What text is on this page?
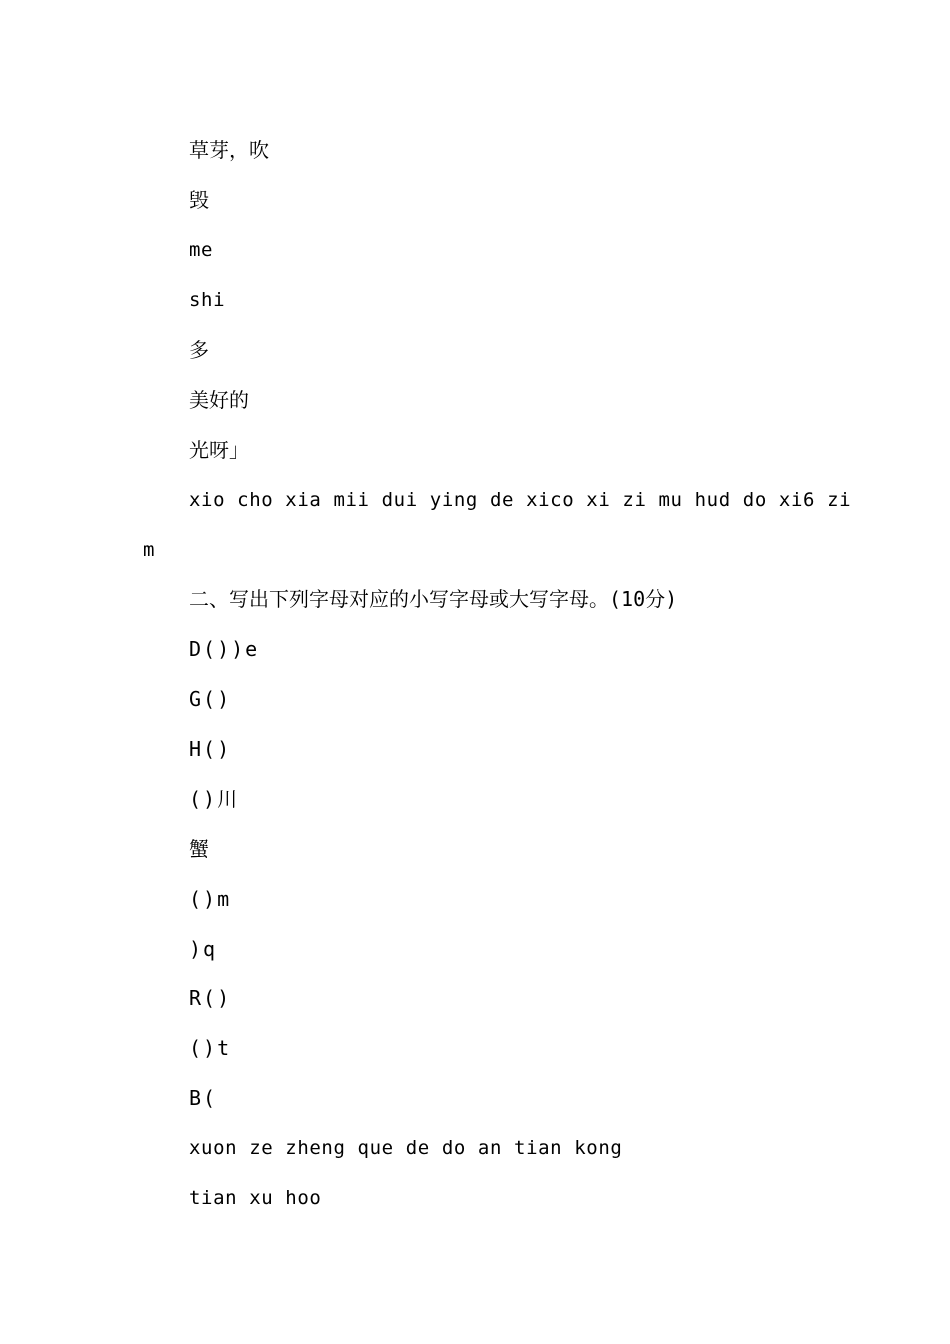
草芽，吹
毁
me
shi
多
美好的
光呀」
xio cho xia mii dui ying de xico xi zi mu hud do xi6 zi
m
二、写出下列字母对应的小写字母或大写字母。(10分)
D())e
G()
H()
()川
蟹
()m
)q
R()
()t
B(
xuon ze zheng que de do an tian kong
tian xu hoo
